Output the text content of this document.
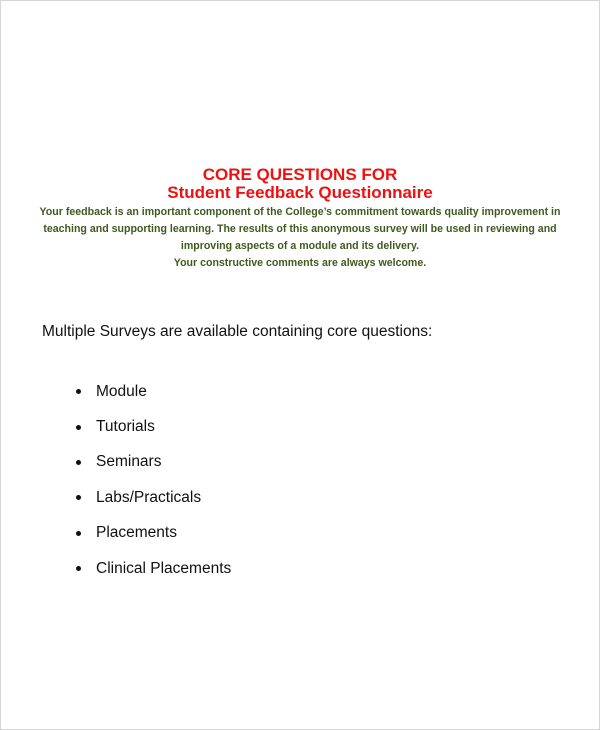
CORE QUESTIONS FOR

Student Feedback Questionnaire

Your feedback is an important component of the College’s commitment towards quality improvement in

teaching and supporting learning. The results of this anonymous survey will be used in reviewing and

improving aspects of a module and its delivery.

Your constructive comments are always welcome.

Multiple Surveys are available containing core questions:

Module
Tutorials
Seminars
Labs/Practicals
Placements
Clinical Placements
